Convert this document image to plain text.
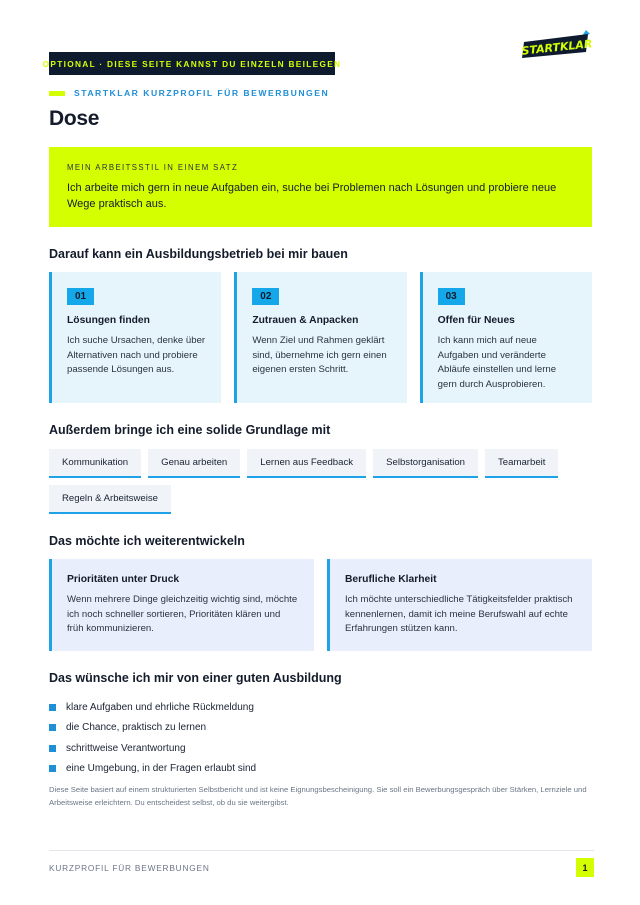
OPTIONAL · DIESE SEITE KANNST DU EINZELN BEILEGEN
STARTKLAR
STARTKLAR KURZPROFIL FÜR BEWERBUNGEN
Dose
MEIN ARBEITSSTIL IN EINEM SATZ
Ich arbeite mich gern in neue Aufgaben ein, suche bei Problemen nach Lösungen und probiere neue Wege praktisch aus.
Darauf kann ein Ausbildungsbetrieb bei mir bauen
01
Lösungen finden
Ich suche Ursachen, denke über Alternativen nach und probiere passende Lösungen aus.
02
Zutrauen & Anpacken
Wenn Ziel und Rahmen geklärt sind, übernehme ich gern einen eigenen ersten Schritt.
03
Offen für Neues
Ich kann mich auf neue Aufgaben und veränderte Abläufe einstellen und lerne gern durch Ausprobieren.
Außerdem bringe ich eine solide Grundlage mit
Kommunikation	Genau arbeiten	Lernen aus Feedback	Selbstorganisation	Teamarbeit
Regeln & Arbeitsweise
Das möchte ich weiterentwickeln
Prioritäten unter Druck
Wenn mehrere Dinge gleichzeitig wichtig sind, möchte ich noch schneller sortieren, Prioritäten klären und früh kommunizieren.
Berufliche Klarheit
Ich möchte unterschiedliche Tätigkeitsfelder praktisch kennenlernen, damit ich meine Berufswahl auf echte Erfahrungen stützen kann.
Das wünsche ich mir von einer guten Ausbildung
klare Aufgaben und ehrliche Rückmeldung
die Chance, praktisch zu lernen
schrittweise Verantwortung
eine Umgebung, in der Fragen erlaubt sind

Diese Seite basiert auf einem strukturierten Selbstbericht und ist keine Eignungsbescheinigung. Sie soll ein Bewerbungsgespräch über Stärken, Lernziele und Arbeitsweise erleichtern. Du entscheidest selbst, ob du sie weitergibst.

KURZPROFIL FÜR BEWERBUNGEN	1
